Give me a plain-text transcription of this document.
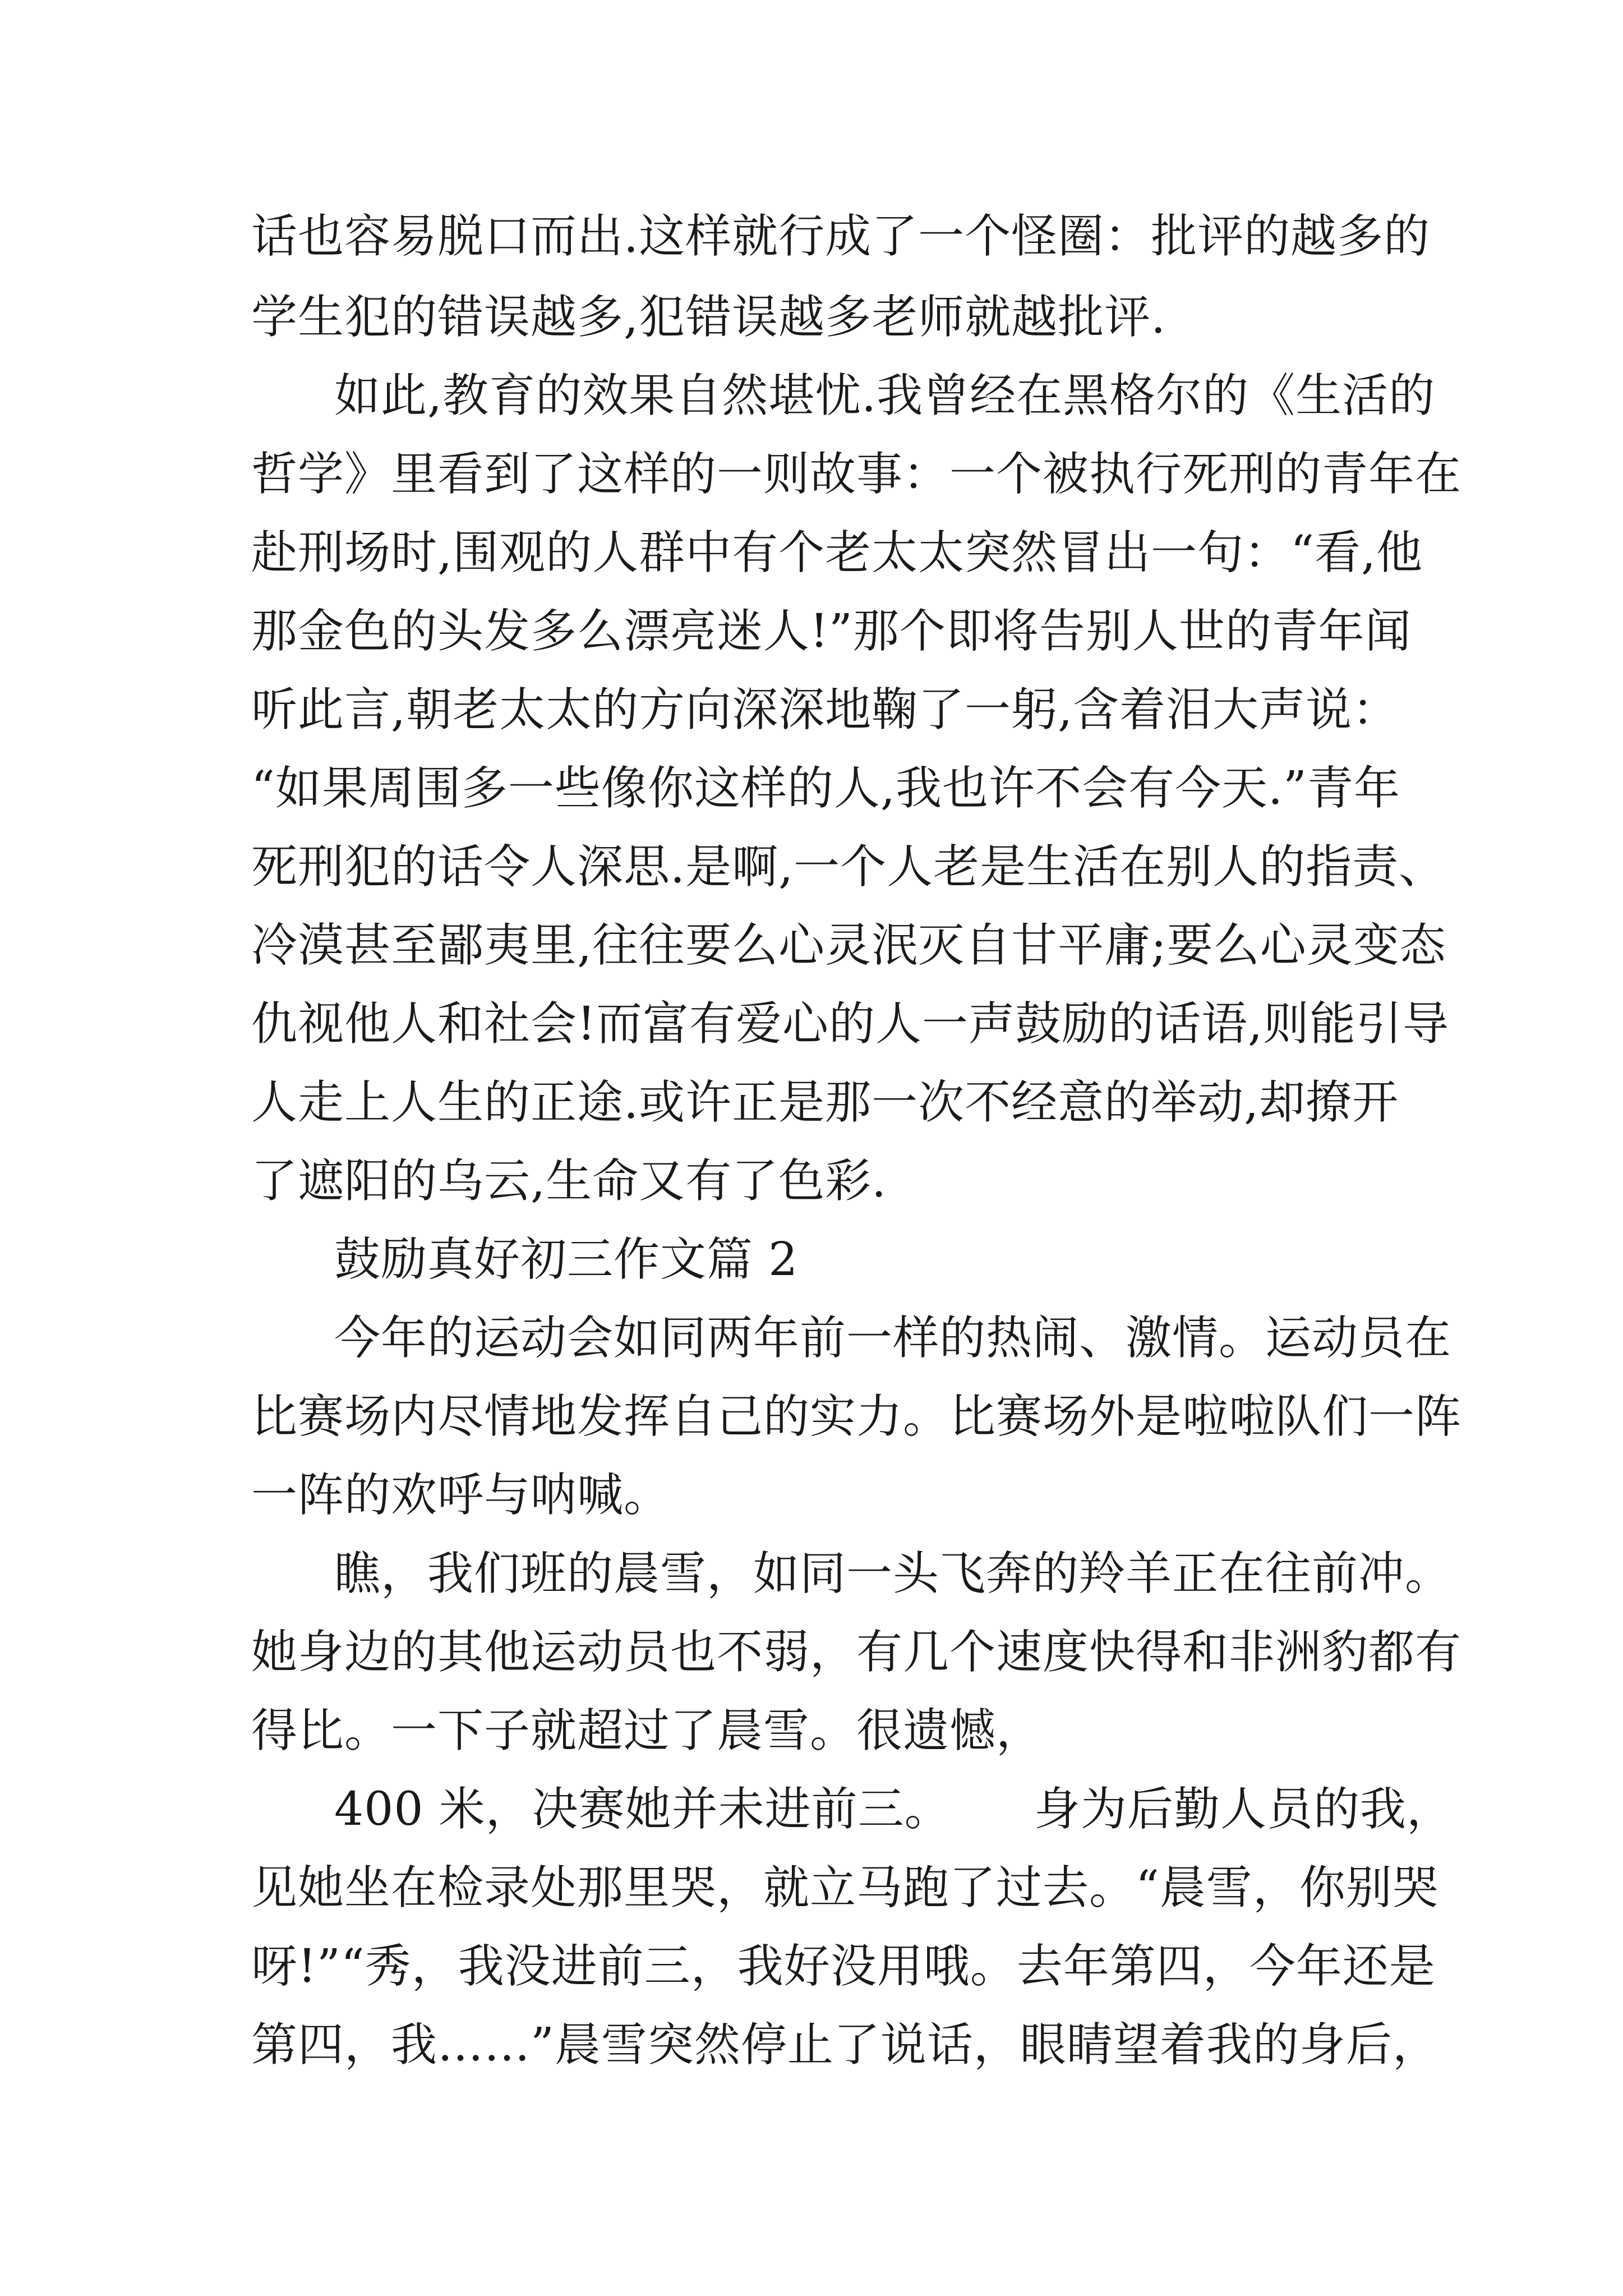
话也容易脱口而出.这样就行成了一个怪圈：批评的越多的
学生犯的错误越多,犯错误越多老师就越批评.
如此,教育的效果自然堪忧.我曾经在黑格尔的《生活的
哲学》里看到了这样的一则故事：一个被执行死刑的青年在
赴刑场时,围观的人群中有个老太太突然冒出一句：“看,他
那金色的头发多么漂亮迷人!”那个即将告别人世的青年闻
听此言,朝老太太的方向深深地鞠了一躬,含着泪大声说：
“如果周围多一些像你这样的人,我也许不会有今天.”青年
死刑犯的话令人深思.是啊,一个人老是生活在别人的指责、
冷漠甚至鄙夷里,往往要么心灵泯灭自甘平庸;要么心灵变态
仇视他人和社会!而富有爱心的人一声鼓励的话语,则能引导
人走上人生的正途.或许正是那一次不经意的举动,却撩开
了遮阳的乌云,生命又有了色彩.
鼓励真好初三作文篇 2
今年的运动会如同两年前一样的热闹、激情。运动员在
比赛场内尽情地发挥自己的实力。比赛场外是啦啦队们一阵
一阵的欢呼与呐喊。
瞧，我们班的晨雪，如同一头飞奔的羚羊正在往前冲。
她身边的其他运动员也不弱，有几个速度快得和非洲豹都有
得比。一下子就超过了晨雪。很遗憾，
400 米，决赛她并未进前三。 身为后勤人员的我，
见她坐在检录处那里哭，就立马跑了过去。“晨雪，你别哭
呀!”“秀，我没进前三，我好没用哦。去年第四，今年还是
第四，我……”晨雪突然停止了说话，眼睛望着我的身后，
